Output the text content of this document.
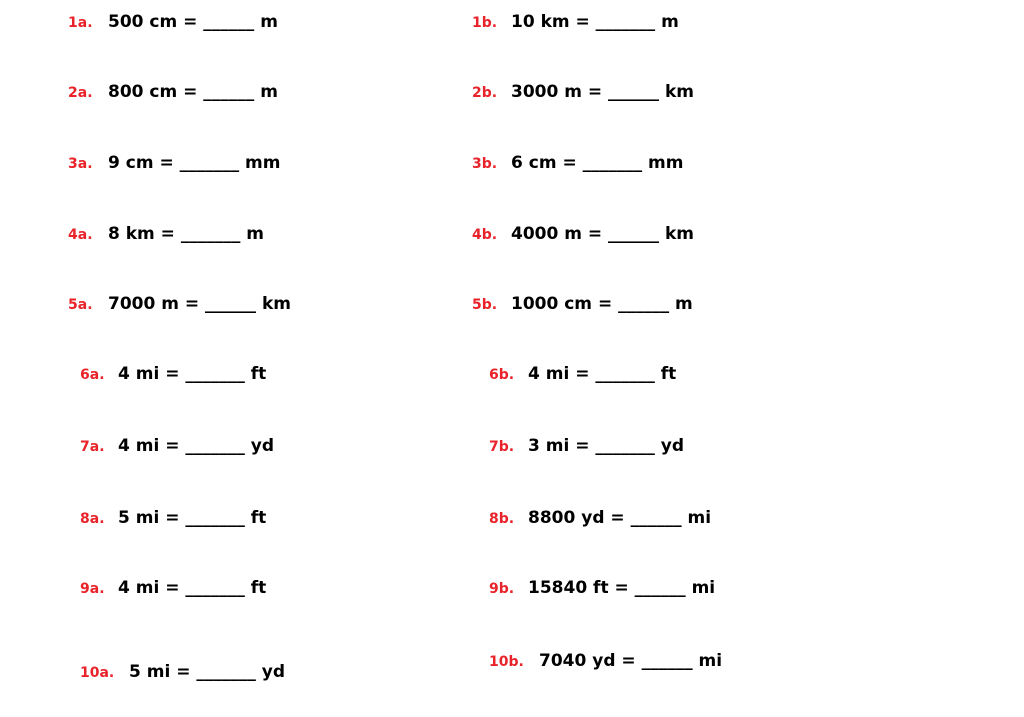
1a. 500 cm = ______ m	1b. 10 km = _______ m
2a. 800 cm = ______ m	2b. 3000 m = ______ km
3a. 9 cm = _______ mm	3b. 6 cm = _______ mm
4a. 8 km = _______ m	4b. 4000 m = ______ km
5a. 7000 m = ______ km	5b. 1000 cm = ______ m
6a. 4 mi = _______ ft	6b. 4 mi = _______ ft
7a. 4 mi = _______ yd	7b. 3 mi = _______ yd
8a. 5 mi = _______ ft	8b. 8800 yd = ______ mi
9a. 4 mi = _______ ft	9b. 15840 ft = ______ mi
10a. 5 mi = _______ yd	10b. 7040 yd = ______ mi
